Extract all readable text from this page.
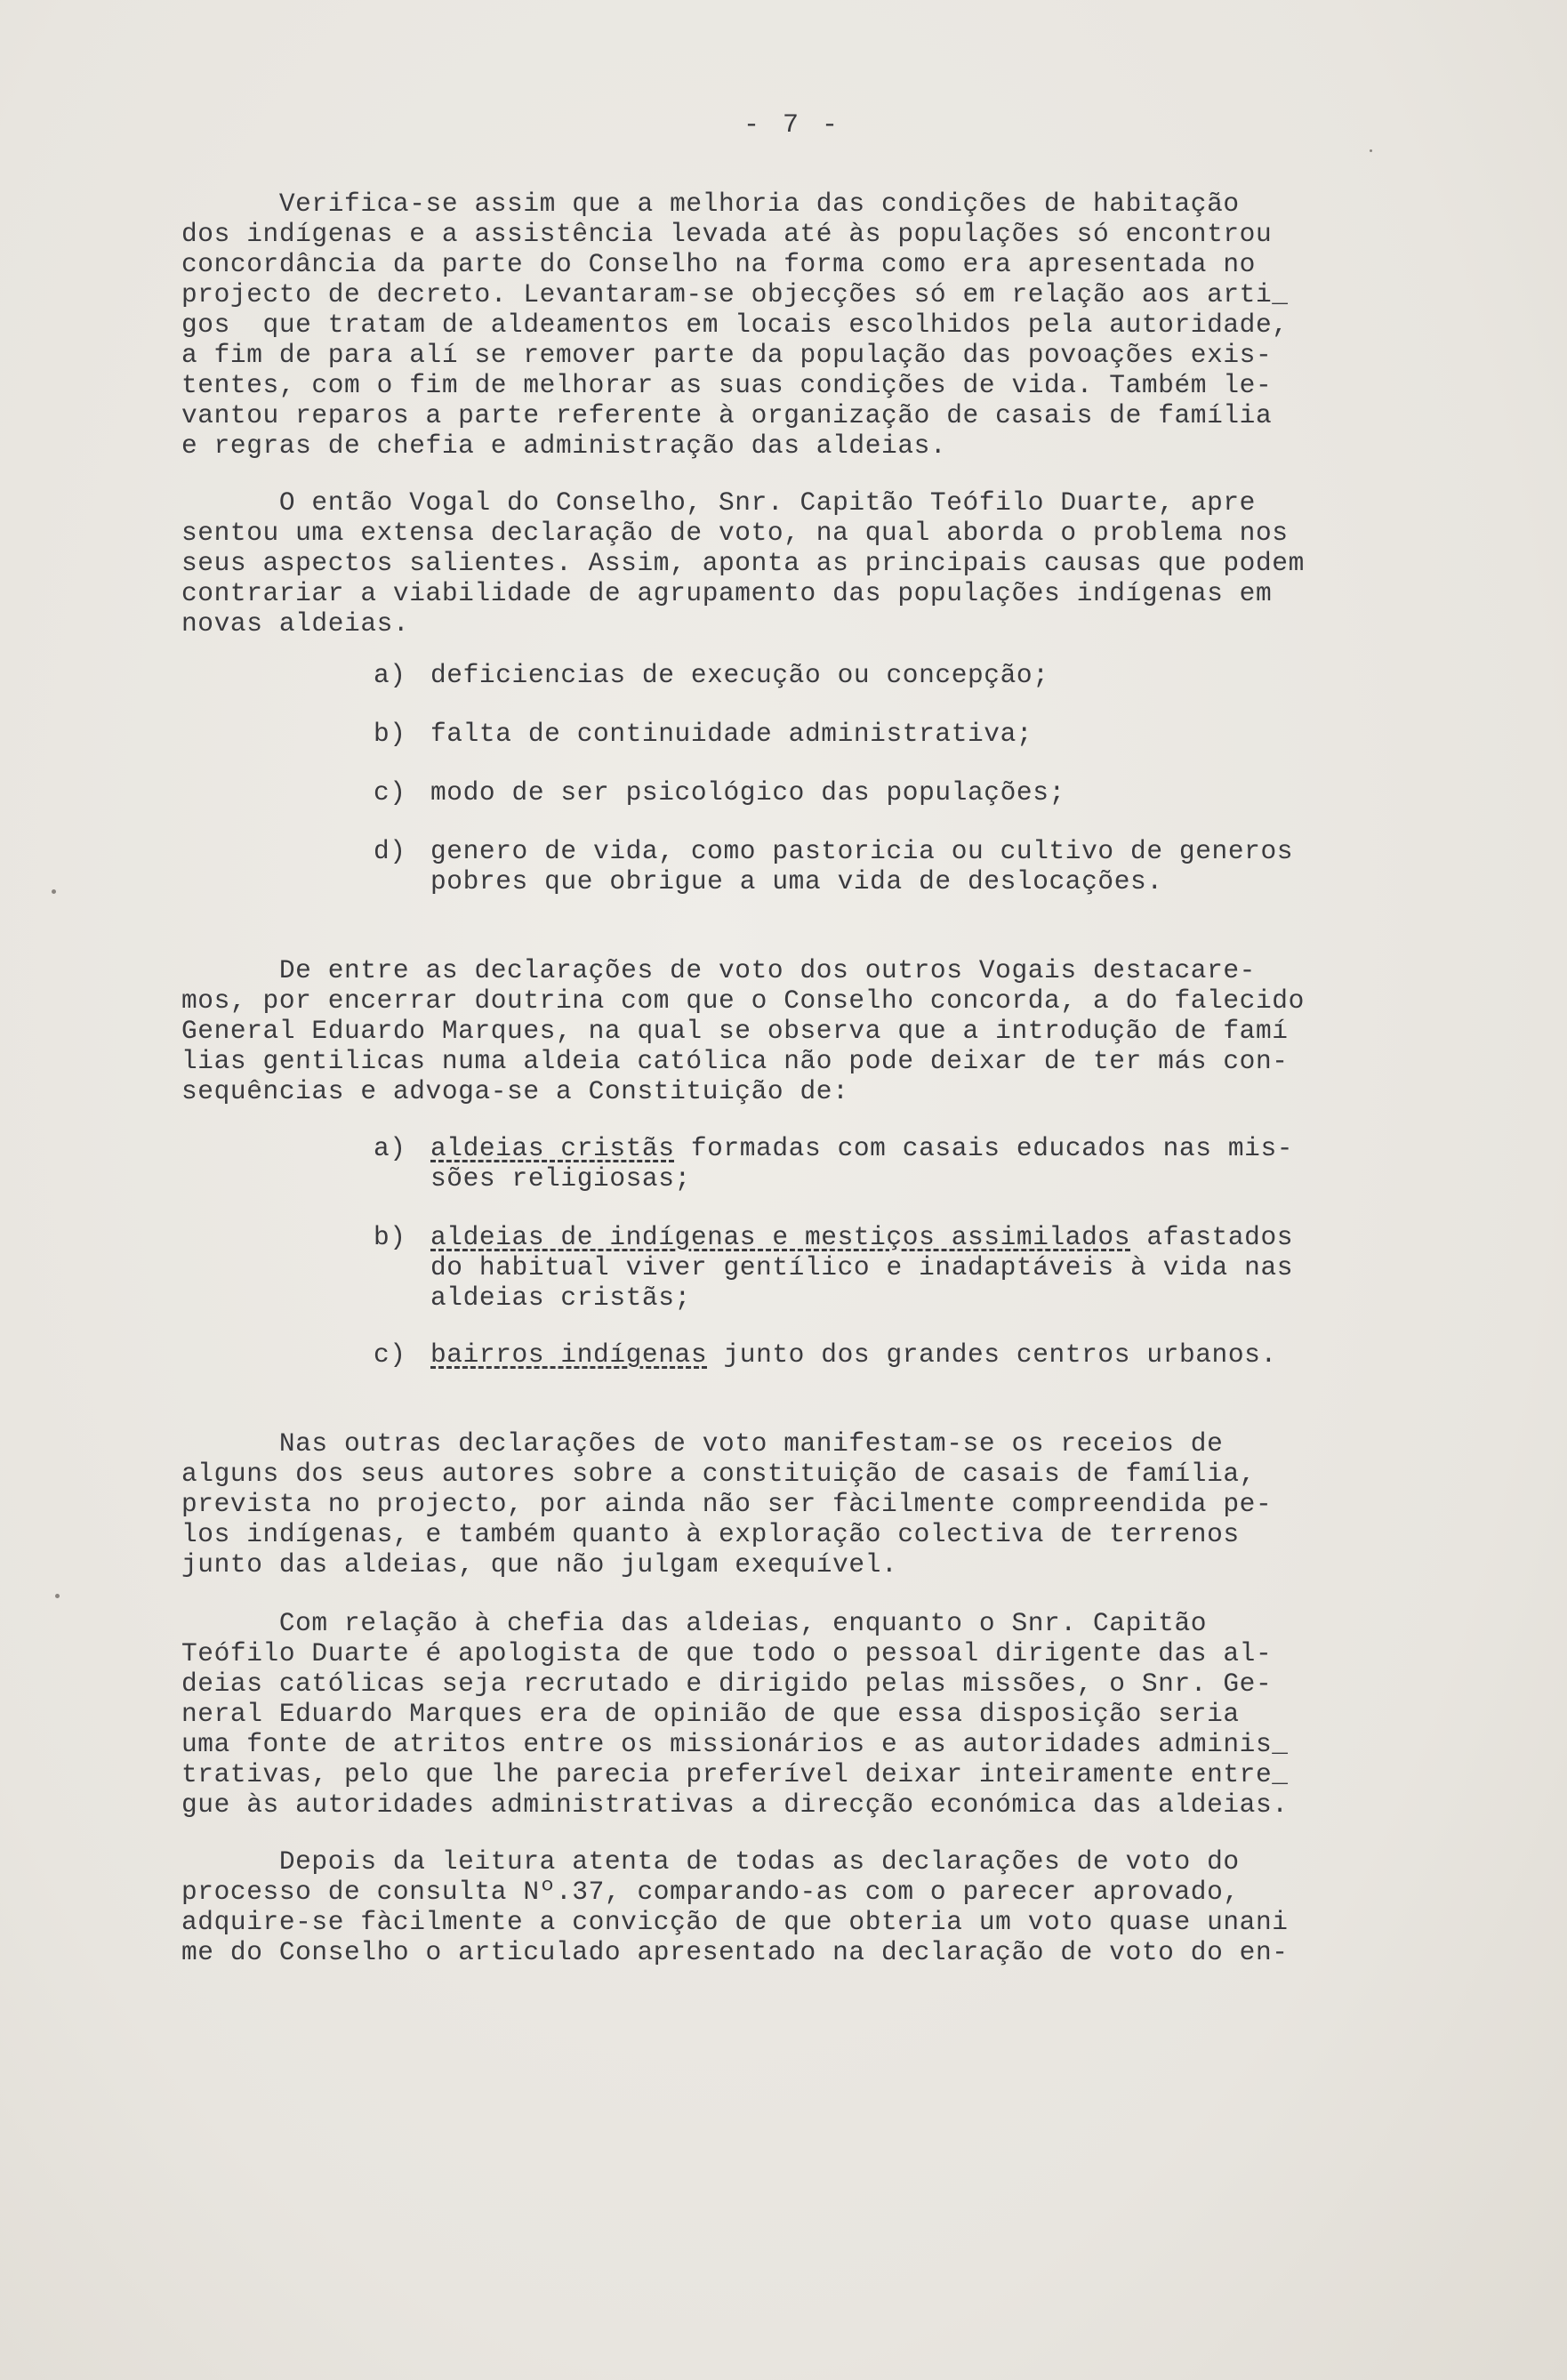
- 7 -
Verifica-se assim que a melhoria das condições de habitação
dos indígenas e a assistência levada até às populações só encontrou
concordância da parte do Conselho na forma como era apresentada no
projecto de decreto. Levantaram-se objecções só em relação aos arti_
gos  que tratam de aldeamentos em locais escolhidos pela autoridade,
a fim de para alí se remover parte da população das povoações exis-
tentes, com o fim de melhorar as suas condições de vida. Também le-
vantou reparos a parte referente à organização de casais de família
e regras de chefia e administração das aldeias.
O então Vogal do Conselho, Snr. Capitão Teófilo Duarte, apre
sentou uma extensa declaração de voto, na qual aborda o problema nos
seus aspectos salientes. Assim, aponta as principais causas que podem
contrariar a viabilidade de agrupamento das populações indígenas em
novas aldeias.
a) deficiencias de execução ou concepção;
b) falta de continuidade administrativa;
c) modo de ser psicológico das populações;
d) genero de vida, como pastoricia ou cultivo de generos
pobres que obrigue a uma vida de deslocações.
De entre as declarações de voto dos outros Vogais destacare-
mos, por encerrar doutrina com que o Conselho concorda, a do falecido
General Eduardo Marques, na qual se observa que a introdução de famí
lias gentilicas numa aldeia católica não pode deixar de ter más con-
sequências e advoga-se a Constituição de:
a) aldeias cristãs formadas com casais educados nas mis-
sões religiosas;
b) aldeias de indígenas e mestiços assimilados afastados
do habitual viver gentílico e inadaptáveis à vida nas
aldeias cristãs;
c) bairros indígenas junto dos grandes centros urbanos.
Nas outras declarações de voto manifestam-se os receios de
alguns dos seus autores sobre a constituição de casais de família,
prevista no projecto, por ainda não ser fàcilmente compreendida pe-
los indígenas, e também quanto à exploração colectiva de terrenos
junto das aldeias, que não julgam exequível.
Com relação à chefia das aldeias, enquanto o Snr. Capitão
Teófilo Duarte é apologista de que todo o pessoal dirigente das al-
deias católicas seja recrutado e dirigido pelas missões, o Snr. Ge-
neral Eduardo Marques era de opinião de que essa disposição seria
uma fonte de atritos entre os missionários e as autoridades adminis_
trativas, pelo que lhe parecia preferível deixar inteiramente entre_
gue às autoridades administrativas a direcção económica das aldeias.
Depois da leitura atenta de todas as declarações de voto do
processo de consulta Nº.37, comparando-as com o parecer aprovado,
adquire-se fàcilmente a convicção de que obteria um voto quase unani
me do Conselho o articulado apresentado na declaração de voto do en-
